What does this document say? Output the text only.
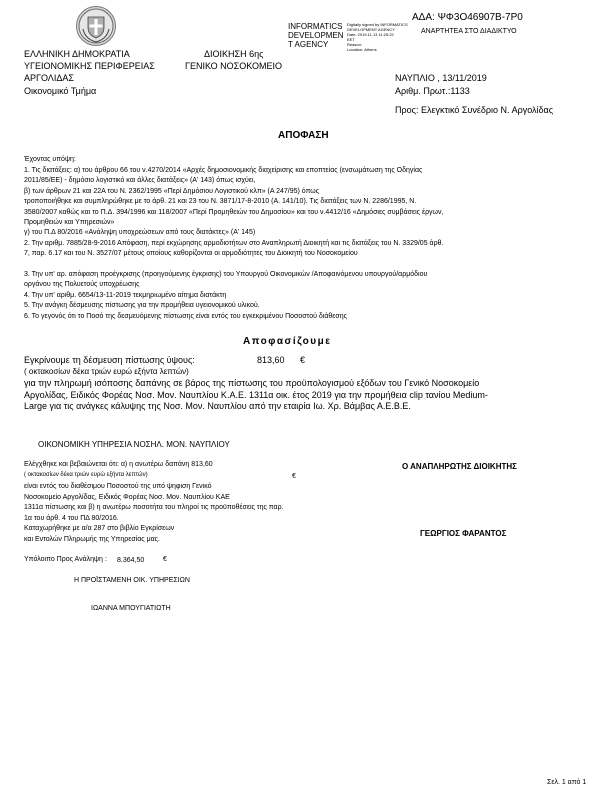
INFORMATICS
DEVELOPMEN
T AGENCY
Digitally signed by INFORMATICS
DEVELOPMENT AGENCY
Date: 2019.11.13 11:25:22
EET
Reason:
Location: Athens
ΑΔΑ: ΨΦ3Ο46907Β-7Ρ0
ΑΝΑΡΤΗΤΕΑ ΣΤΟ ΔΙΑΔΙΚΤΥΟ
ΕΛΛΗΝΙΚΗ ΔΗΜΟΚΡΑΤΙΑ
ΥΓΕΙΟΝΟΜΙΚΗΣ ΠΕΡΙΦΕΡΕΙΑΣ
ΑΡΓΟΛΙΔΑΣ
Οικονομικό Τμήμα
ΔΙΟΙΚΗΣΗ 6ης
ΓΕΝΙΚΟ ΝΟΣΟΚΟΜΕΙΟ
ΝΑΥΠΛΙΟ , 13/11/2019
Αριθμ. Πρωτ.:1133
Προς: Ελεγκτικό Συνέδριο Ν. Αργολίδας
ΑΠΟΦΑΣΗ
Έχοντας υπόψη:
1. Τις διατάξεις: α) του άρθρου 66 του ν.4270/2014 «Αρχές δημοσιονομικής διαχείρισης και εποπτείας (ενσωμάτωση της Οδηγίας
2011/85/ΕΕ) - δημόσιο λογιστικό και άλλες διατάξεις» (Α' 143) όπως ισχύει,
β) των άρθρων 21 και 22Α του Ν. 2362/1995 «Περί Δημόσιου Λογιστικού κλπ» (Α 247/95) όπως
τροποποιήθηκε και συμπληρώθηκε με το άρθ. 21 και 23 του Ν. 3871/17-8-2010 (Α. 141/10). Τις διατάξεις των Ν. 2286/1995, Ν.
3580/2007 καθώς και το Π.Δ. 394/1996 και 118/2007 «Περί Προμηθειών του Δημοσίου» και του ν.4412/16 «Δημόσιες συμβάσεις έργων,
Προμηθειών και Υπηρεσιών»
γ) του Π.Δ 80/2016 «Ανάληψη υποχρεώσεων από τους διατάκτες» (Α' 145)
2. Την αριθμ. 7885/28-9-2016 Απόφαση, περί εκχώρησης αρμοδιοτήτων στο Αναπληρωτή Διοικητή και τις διατάξεις του Ν. 3329/05 άρθ.
7, παρ. 6.17 και του Ν. 3527/07 μέτους οποίους καθορίζονται οι αρμοδιότητες του Διοικητή του Νοσοκομείου

3. Την υπ' αρ. απόφαση προέγκρισης (προηγούμενης έγκρισης) του Υπουργού Οικονομικών /Αποφαινόμενου υπουργού/αρμόδιου
οργάνου της Πολυετούς υποχρέωσης
4. Την υπ' αριθμ. 6654/13-11-2019 τεκμηριωμένο αίτημα διατάκτη
5. Την ανάγκη δέσμευσης πίστωσης για την προμήθεια υγειονομικού υλικού.
6. Το γεγονός ότι το Ποσό της δεσμευόμενης πίστωσης είναι εντός του εγκεκριμένου Ποσοστού διάθεσης
Αποφασίζουμε
Εγκρίνουμε τη δέσμευση πίστωσης ύψους:	813,60 €
( οκτακοσίων δέκα τριών ευρώ εξήντα λεπτών)
για την πληρωμή ισόποσης δαπάνης σε βάρος της πίστωσης του προϋπολογισμού εξόδων του Γενικό Νοσοκομείο
Αργολίδας, Ειδικός Φορέας Νοσ. Μον. Ναυπλίου Κ.Α.Ε. 1311α οικ. έτος 2019 για την προμήθεια clip τανίου Medium-
Large για τις ανάγκες κάλυψης της Νοσ. Μον. Ναυπλίου από την εταιρία Ιω. Χρ. Βάμβας Α.Ε.Β.Ε.
ΟΙΚΟΝΟΜΙΚΗ ΥΠΗΡΕΣΙΑ ΝΟΣΗΛ. ΜΟΝ. ΝΑΥΠΛΙΟΥ
Ελέγχθηκε και βεβαιώνεται ότι: α) η ανωτέρω δαπάνη 813,60
€
( οκτακοσίων δέκα τριών ευρώ εξήντα λεπτών)
είναι εντός του διαθέσιμου Ποσοστού της υπό ψηφιση Γενικό
Νοσοκομείο Αργολίδας, Ειδικός Φορέας Νοσ. Μον. Ναυπλίου ΚΑΕ
1311α πίστωσης και β) η ανωτέρω ποσοτήτα του πληροί τις προϋποθέσεις της παρ.
1α του άρθ. 4 του ΠΔ 80/2016.
Καταχωρήθηκε με α/α 287 στο βιβλίο Εγκρίσεων
και Εντολών Πληρωμής της Υπηρεσίας μας.
Υπόλοιπο Προς Ανάληψη : 8.364,50	€
Η ΠΡΟΪΣΤΑΜΕΝΗ ΟΙΚ. ΥΠΗΡΕΣΙΩΝ
ΙΩΑΝΝΑ ΜΠΟΥΓΙΑΤΙΩΤΗ
Ο ΑΝΑΠΛΗΡΩΤΗΣ ΔΙΟΙΚΗΤΗΣ
ΓΕΩΡΓΙΟΣ ΦΑΡΑΝΤΟΣ
Σελ. 1 από 1
